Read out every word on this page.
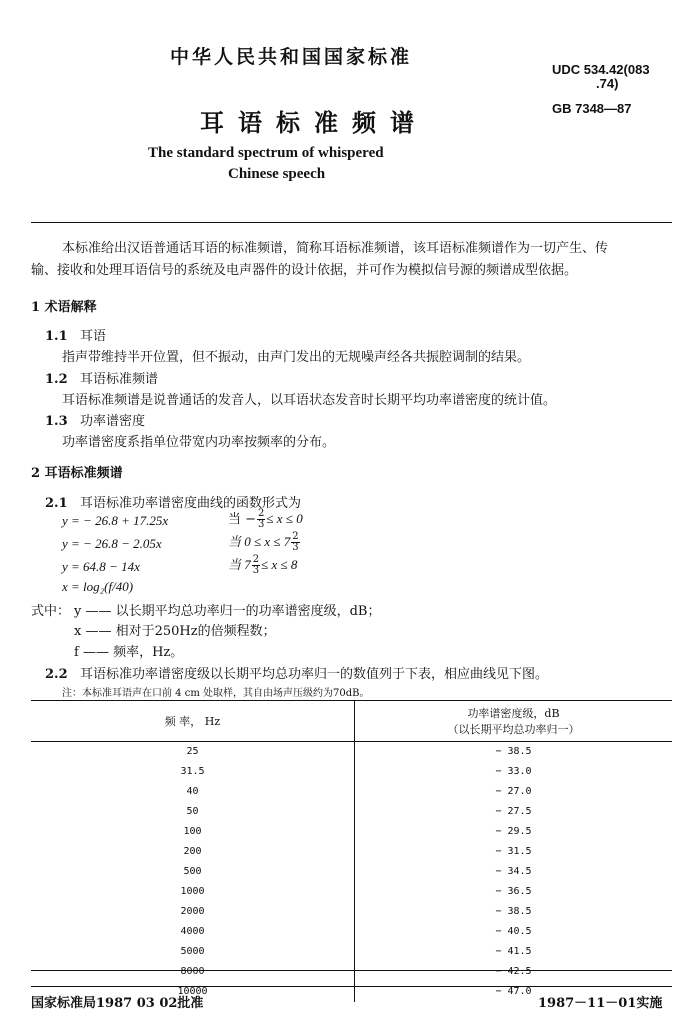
中华人民共和国国家标准
UDC 534.42(083
.74)
耳语标准频谱	GB 7348—87
The standard spectrum of whispered
Chinese speech
本标准给出汉语普通话耳语的标准频谱，简称耳语标准频谱，该耳语标准频谱作为一切产生、传
输、接收和处理耳语信号的系统及电声器件的设计依据，并可作为模拟信号源的频谱成型依据。
1 术语解释
1.1 耳语
指声带维持半开位置，但不振动，由声门发出的无规噪声经各共振腔调制的结果。
1.2 耳语标准频谱
耳语标准频谱是说普通话的发音人，以耳语状态发音时长期平均功率谱密度的统计值。
1.3 功率谱密度
功率谱密度系指单位带宽内功率按频率的分布。
2 耳语标准频谱
2.1 耳语标准功率谱密度曲线的函数形式为
y = − 26.8 + 17.25x	当 − $\frac{2}{3} \le x \le 0$
y = − 26.8 − 2.05x	当 $0 \le x \le 7 \frac{2}{3}$
y = 64.8 − 14x	当 $7 \frac{2}{3} \le x \le 8$
x = log₂(f/40)
式中： y —— 以长期平均总功率归一的功率谱密度级，dB；
x —— 相对于250Hz的倍频程数；
f —— 频率，Hz。
2.2 耳语标准功率谱密度级以长期平均总功率归一的数值列于下表，相应曲线见下图。
注：本标准耳语声在口前 4 cm 处取样，其自由场声压级约为70dB。
频 率， Hz	功率谱密度级，dB
（以长期平均总功率归一）

25	− 38.5
31.5	− 33.0
40	− 27.0
50	− 27.5
100	− 29.5
200	− 31.5
500	− 34.5
1000	− 36.5
2000	− 38.5
4000	− 40.5
5000	− 41.5
8000	− 42.5
10000	− 47.0
国家标准局1987 03 02批准	1987－11－01实施
